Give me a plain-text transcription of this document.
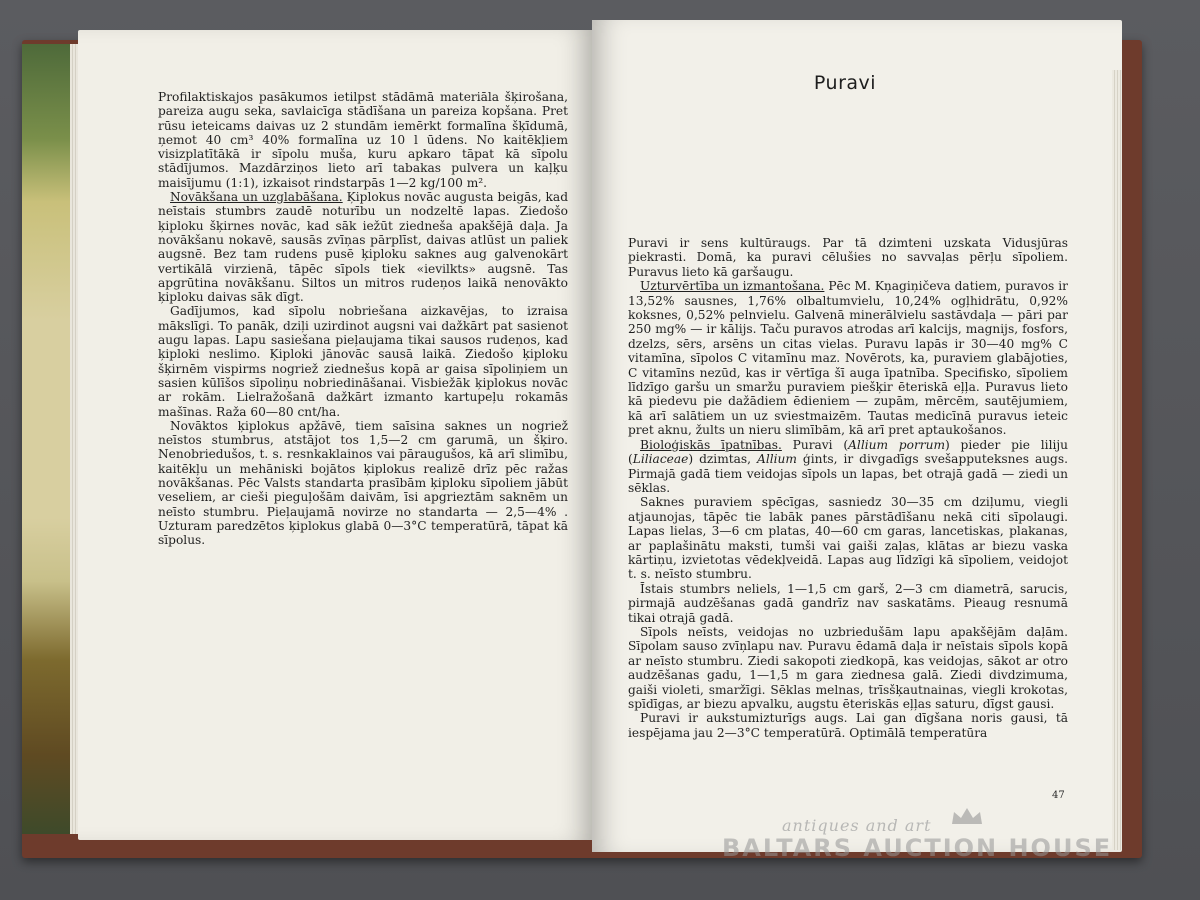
Profilaktiskajos pasākumos ietilpst stādāmā materiāla šķirošana, pareiza augu seka, savlaicīga stādīšana un pareiza kopšana. Pret rūsu ieteicams daivas uz 2 stundām iemērkt formalīna šķīdumā, ņemot 40 cm³ 40% formalīna uz 10 l ūdens. No kaitēkļiem visizplatītākā ir sīpolu muša, kuru apkaro tāpat kā sīpolu stādījumos. Mazdārziņos lieto arī tabakas pulvera un kaļķu maisījumu (1:1), izkaisot rindstarpās 1—2 kg/100 m².

Novākšana un uzglabāšana. Ķiplokus novāc augusta beigās, kad neīstais stumbrs zaudē noturību un nodzeltē lapas. Ziedošo ķiploku šķirnes novāc, kad sāk iežūt ziedneša apakšējā daļa. Ja novākšanu nokavē, sausās zvīņas pārplīst, daivas atlūst un paliek augsnē. Bez tam rudens pusē ķiploku saknes aug galvenokārt vertikālā virzienā, tāpēc sīpols tiek «ievilkts» augsnē. Tas apgrūtina novākšanu. Siltos un mitros rudeņos laikā nenovākto ķiploku daivas sāk dīgt.

Gadījumos, kad sīpolu nobriešana aizkavējas, to izraisa mākslīgi. To panāk, dziļi uzirdinot augsni vai dažkārt pat sasienot augu lapas. Lapu sasiešana pieļaujama tikai sausos rudeņos, kad ķiploki neslimo. Ķiploki jānovāc sausā laikā. Ziedošo ķiploku šķirnēm vispirms nogriež ziednešus kopā ar gaisa sīpoliņiem un sasien kūlīšos sīpoliņu nobriedināšanai. Visbiežāk ķiplokus novāc ar rokām. Lielražošanā dažkārt izmanto kartupeļu rokamās mašīnas. Raža 60—80 cnt/ha.

Novāktos ķiplokus apžāvē, tiem saīsina saknes un nogriež neīstos stumbrus, atstājot tos 1,5—2 cm garumā, un šķiro. Nenobriedušos, t. s. resnkaklainos vai pāraugušos, kā arī slimību, kaitēkļu un mehāniski bojātos ķiplokus realizē drīz pēc ražas novākšanas. Pēc Valsts standarta prasībām ķiploku sīpoliem jābūt veseliem, ar cieši pieguļošām daivām, īsi apgrieztām saknēm un neīsto stumbru. Pieļaujamā novirze no standarta — 2,5—4% . Uzturam paredzētos ķiplokus glabā 0—3°C temperatūrā, tāpat kā sīpolus.

Puravi

Puravi ir sens kultūraugs. Par tā dzimteni uzskata Vidusjūras piekrasti. Domā, ka puravi cēlušies no savvaļas pērļu sīpoliem. Puravus lieto kā garšaugu.

Uzturvērtība un izmantošana. Pēc M. Kņagiņičeva datiem, puravos ir 13,52% sausnes, 1,76% olbaltumvielu, 10,24% ogļhidrātu, 0,92% koksnes, 0,52% pelnvielu. Galvenā minerālvielu sastāvdaļa — pāri par 250 mg% — ir kālijs. Taču puravos atrodas arī kalcijs, magnijs, fosfors, dzelzs, sērs, arsēns un citas vielas. Puravu lapās ir 30—40 mg% C vitamīna, sīpolos C vitamīnu maz. Novērots, ka, puraviem glabājoties, C vitamīns nezūd, kas ir vērtīga šī auga īpatnība. Specifisko, sīpoliem līdzīgo garšu un smaržu puraviem piešķir ēteriskā eļļa. Puravus lieto kā piedevu pie dažādiem ēdieniem — zupām, mērcēm, sautējumiem, kā arī salātiem un uz sviestmaizēm. Tautas medicīnā puravus ieteic pret aknu, žults un nieru slimībām, kā arī pret aptaukošanos.

Bioloģiskās īpatnības. Puravi (Allium porrum) pieder pie liliju (Liliaceae) dzimtas, Allium ģints, ir divgadīgs svešapputeksnes augs. Pirmajā gadā tiem veidojas sīpols un lapas, bet otrajā gadā — ziedi un sēklas.

Saknes puraviem spēcīgas, sasniedz 30—35 cm dziļumu, viegli atjaunojas, tāpēc tie labāk panes pārstādīšanu nekā citi sīpolaugi. Lapas lielas, 3—6 cm platas, 40—60 cm garas, lancetiskas, plakanas, ar paplašinātu maksti, tumši vai gaiši zaļas, klātas ar biezu vaska kārtiņu, izvietotas vēdekļveidā. Lapas aug līdzīgi kā sīpoliem, veidojot t. s. neīsto stumbru.

Īstais stumbrs neliels, 1—1,5 cm garš, 2—3 cm diametrā, sarucis, pirmajā audzēšanas gadā gandrīz nav saskatāms. Pieaug resnumā tikai otrajā gadā.

Sīpols neīsts, veidojas no uzbriedušām lapu apakšējām daļām. Sīpolam sauso zvīņlapu nav. Puravu ēdamā daļa ir neīstais sīpols kopā ar neīsto stumbru. Ziedi sakopoti ziedkopā, kas veidojas, sākot ar otro audzēšanas gadu, 1—1,5 m gara ziednesa galā. Ziedi divdzimuma, gaiši violeti, smaržīgi. Sēklas melnas, trīsšķautnainas, viegli krokotas, spīdīgas, ar biezu apvalku, augstu ēteriskās eļļas saturu, dīgst gausi.

Puravi ir aukstumizturīgs augs. Lai gan dīgšana noris gausi, tā iespējama jau 2—3°C temperatūrā. Optimālā temperatūra

47
antiques and art
BALTARS AUCTION HOUSE
